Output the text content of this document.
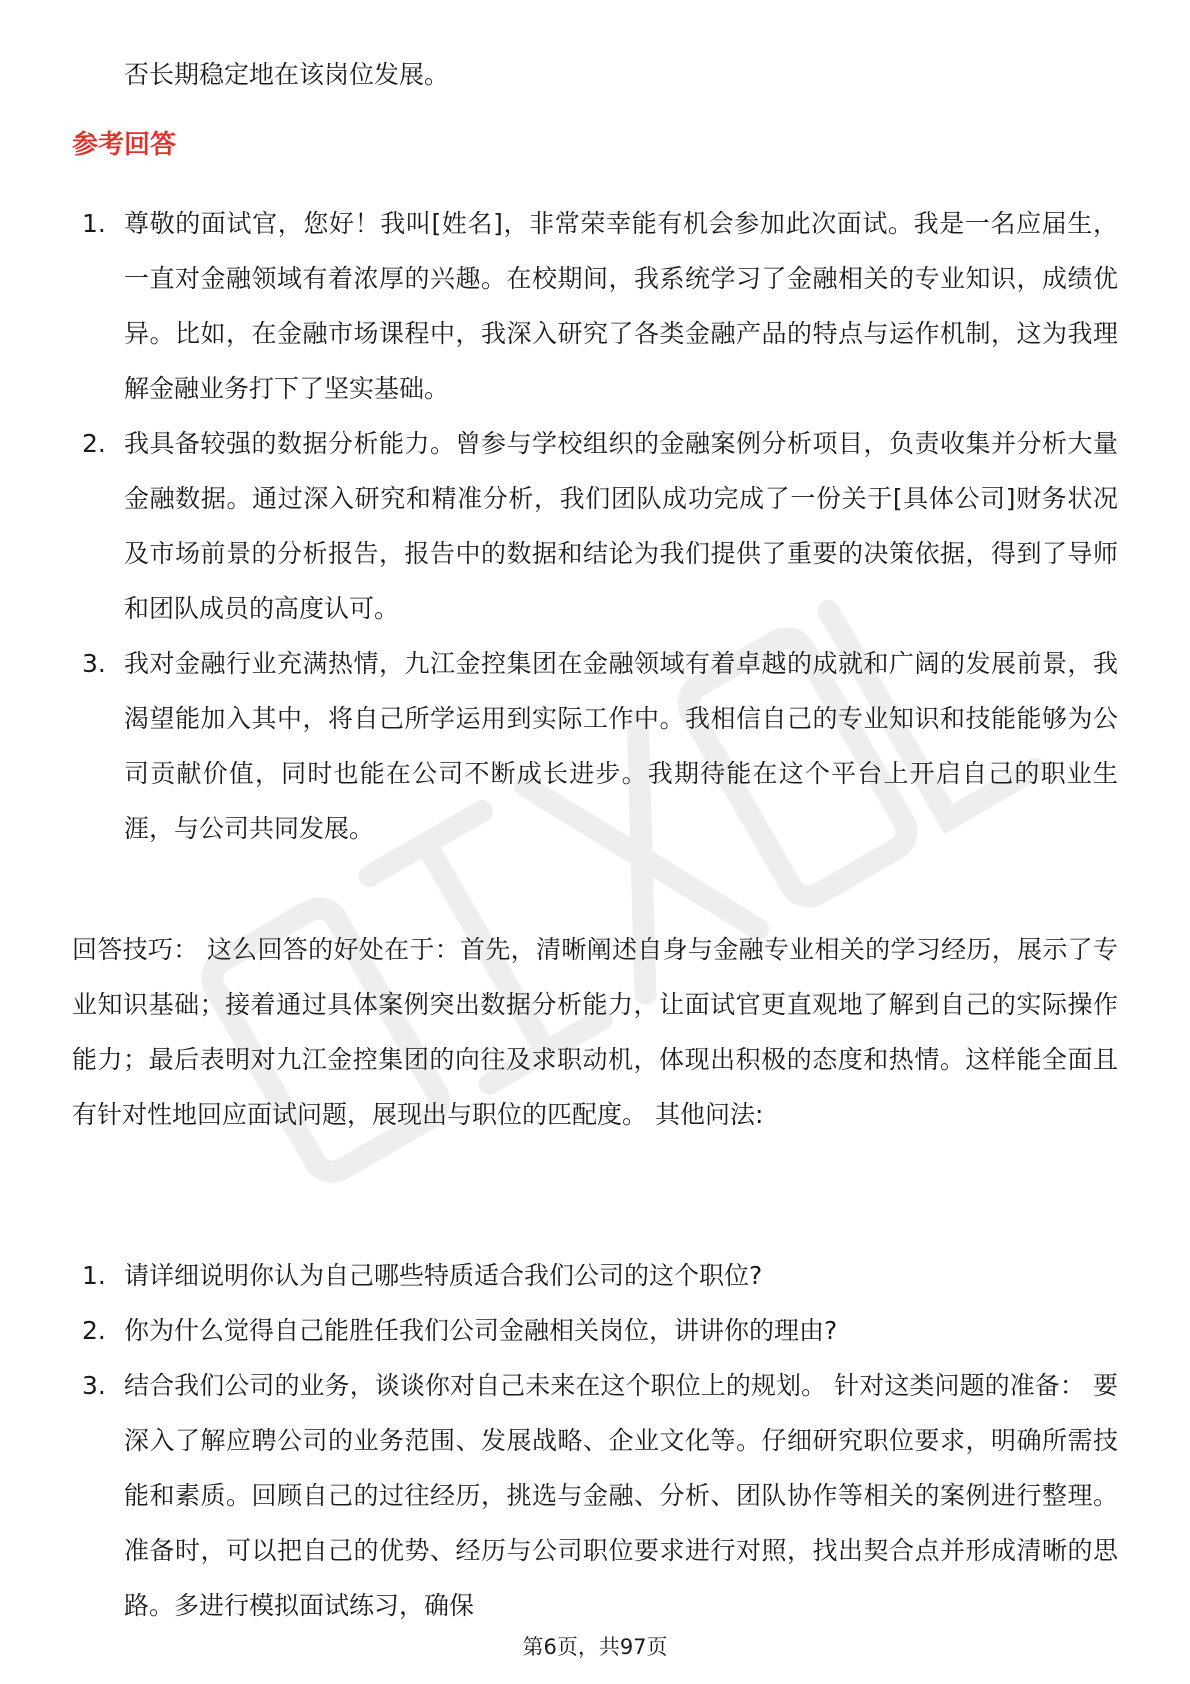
否长期稳定地在该岗位发展。

参考回答
1. 尊敬的面试官，您好！我叫[姓名]，非常荣幸能有机会参加此次面试。我是一名应届生，一直对金融领域有着浓厚的兴趣。在校期间，我系统学习了金融相关的专业知识，成绩优异。比如，在金融市场课程中，我深入研究了各类金融产品的特点与运作机制，这为我理解金融业务打下了坚实基础。
2. 我具备较强的数据分析能力。曾参与学校组织的金融案例分析项目，负责收集并分析大量金融数据。通过深入研究和精准分析，我们团队成功完成了一份关于[具体公司]财务状况及市场前景的分析报告，报告中的数据和结论为我们提供了重要的决策依据，得到了导师和团队成员的高度认可。
3. 我对金融行业充满热情，九江金控集团在金融领域有着卓越的成就和广阔的发展前景，我渴望能加入其中，将自己所学运用到实际工作中。我相信自己的专业知识和技能能够为公司贡献价值，同时也能在公司不断成长进步。我期待能在这个平台上开启自己的职业生涯，与公司共同发展。

回答技巧： 这么回答的好处在于：首先，清晰阐述自身与金融专业相关的学习经历，展示了专业知识基础；接着通过具体案例突出数据分析能力，让面试官更直观地了解到自己的实际操作能力；最后表明对九江金控集团的向往及求职动机，体现出积极的态度和热情。这样能全面且有针对性地回应面试问题，展现出与职位的匹配度。 其他问法:

1. 请详细说明你认为自己哪些特质适合我们公司的这个职位?
2. 你为什么觉得自己能胜任我们公司金融相关岗位，讲讲你的理由?
3. 结合我们公司的业务，谈谈你对自己未来在这个职位上的规划。 针对这类问题的准备： 要深入了解应聘公司的业务范围、发展战略、企业文化等。仔细研究职位要求，明确所需技能和素质。回顾自己的过往经历，挑选与金融、分析、团队协作等相关的案例进行整理。准备时，可以把自己的优势、经历与公司职位要求进行对照，找出契合点并形成清晰的思路。多进行模拟面试练习，确保
第6页，共97页
